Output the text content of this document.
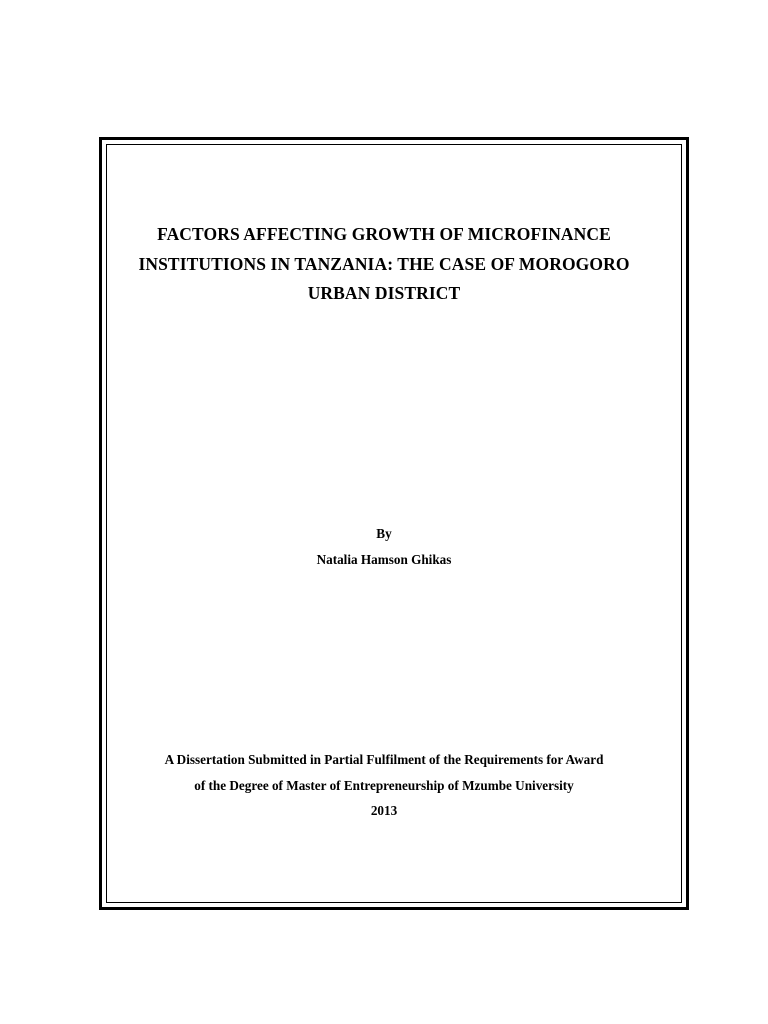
FACTORS AFFECTING GROWTH OF MICROFINANCE
INSTITUTIONS IN TANZANIA: THE CASE OF MOROGORO
URBAN DISTRICT
By
Natalia Hamson Ghikas
A Dissertation Submitted in Partial Fulfilment of the Requirements for Award
of the Degree of Master of Entrepreneurship of Mzumbe University
2013
